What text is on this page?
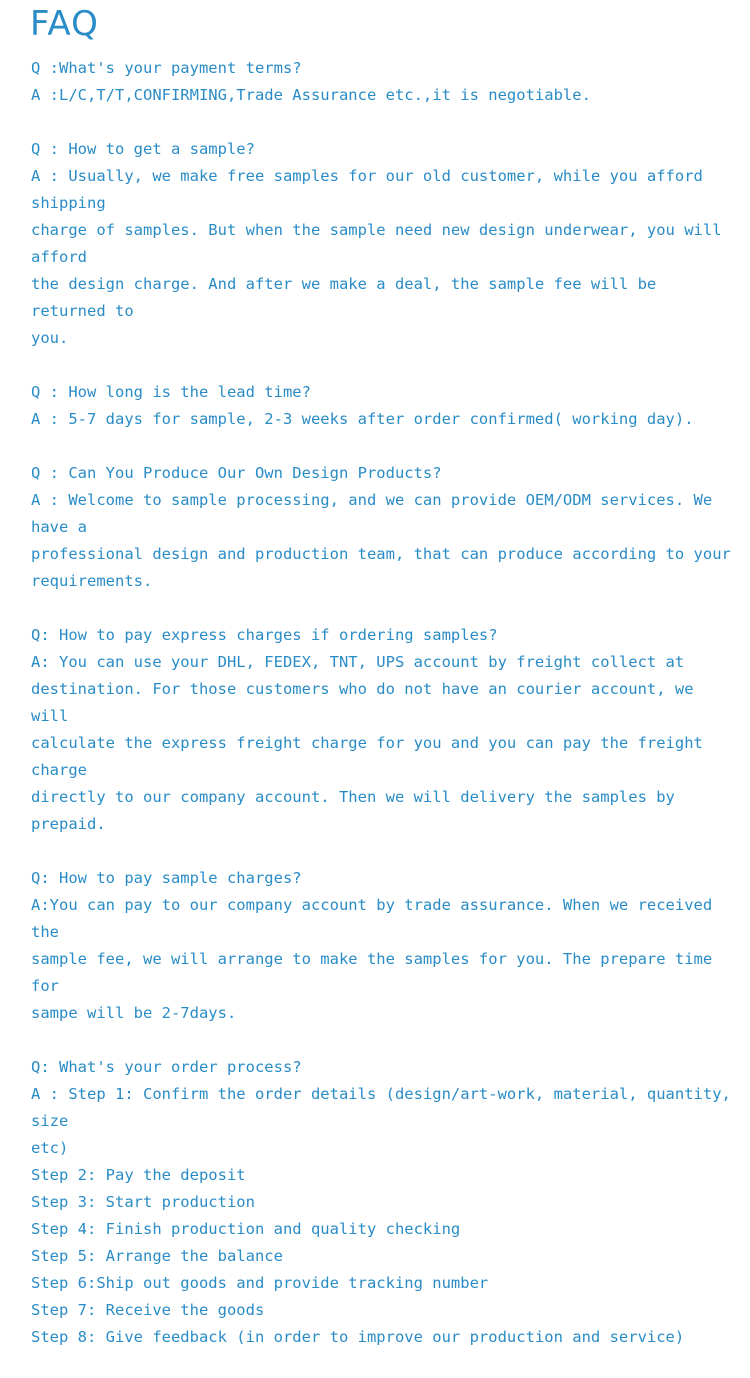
FAQ
Q :What's your payment terms?
A :L/C,T/T,CONFIRMING,Trade Assurance etc.,it is negotiable.
Q : How to get a sample?
A : Usually, we make free samples for our old customer, while you afford shipping
charge of samples. But when the sample need new design underwear, you will afford
the design charge. And after we make a deal, the sample fee will be returned to
you.
Q : How long is the lead time?
A : 5-7 days for sample, 2-3 weeks after order confirmed( working day).
Q : Can You Produce Our Own Design Products?
A : Welcome to sample processing, and we can provide OEM/ODM services. We have a
professional design and production team, that can produce according to your
requirements.
Q: How to pay express charges if ordering samples?
A: You can use your DHL, FEDEX, TNT, UPS account by freight collect at
destination. For those customers who do not have an courier account, we will
calculate the express freight charge for you and you can pay the freight charge
directly to our company account. Then we will delivery the samples by prepaid.
Q: How to pay sample charges?
A:You can pay to our company account by trade assurance. When we received the
sample fee, we will arrange to make the samples for you. The prepare time for
sampe will be 2-7days.
Q: What's your order process?
A : Step 1: Confirm the order details (design/art-work, material, quantity, size
etc)
Step 2: Pay the deposit
Step 3: Start production
Step 4: Finish production and quality checking
Step 5: Arrange the balance
Step 6:Ship out goods and provide tracking number
Step 7: Receive the goods
Step 8: Give feedback (in order to improve our production and service)
